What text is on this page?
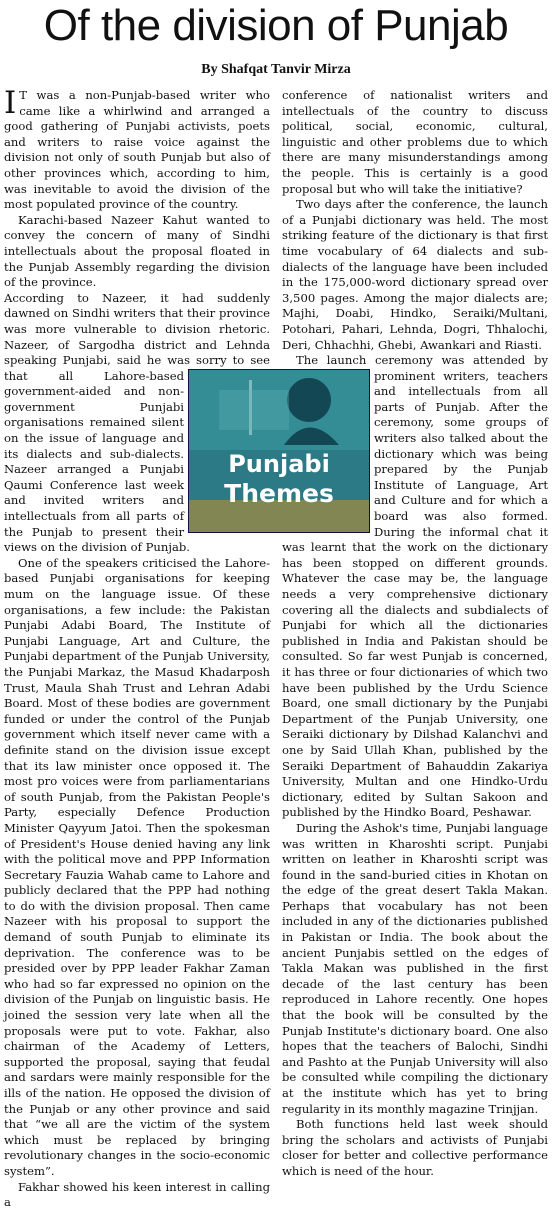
Of the division of Punjab
By Shafqat Tanvir Mirza

I T was a non-Punjab-based writer who came like a whirlwind and arranged a good gathering of Punjabi activists, poets and writers to raise voice against the division not only of south Punjab but also of other provinces which, according to him, was inevitable to avoid the division of the most populated province of the country.

Karachi-based Nazeer Kahut wanted to convey the concern of many of Sindhi intellectuals about the proposal floated in the Punjab Assembly regarding the division of the province.

According to Nazeer, it had suddenly dawned on Sindhi writers that their province was more vulnerable to division rhetoric. Nazeer, of Sargodha district and Lehnda speaking Punjabi, said he was sorry to see that all Lahore-based government-aided and non-government Punjabi organisations remained silent on the issue of language and its dialects and sub-dialects. Nazeer arranged a Punjabi Qaumi Conference last week and invited writers and intellectuals from all parts of the Punjab to present their views on the division of Punjab.

One of the speakers criticised the Lahore-based Punjabi organisations for keeping mum on the language issue. Of these organisations, a few include: the Pakistan Punjabi Adabi Board, The Institute of Punjabi Language, Art and Culture, the Punjabi department of the Punjab University, the Punjabi Markaz, the Masud Khadarposh Trust, Maula Shah Trust and Lehran Adabi Board. Most of these bodies are government funded or under the control of the Punjab government which itself never came with a definite stand on the division issue except that its law minister once opposed it. The most pro voices were from parliamentarians of south Punjab, from the Pakistan People's Party, especially Defence Production Minister Qayyum Jatoi. Then the spokesman of President's House denied having any link with the political move and PPP Information Secretary Fauzia Wahab came to Lahore and publicly declared that the PPP had nothing to do with the division proposal. Then came Nazeer with his proposal to support the demand of south Punjab to eliminate its deprivation. The conference was to be presided over by PPP leader Fakhar Zaman who had so far expressed no opinion on the division of the Punjab on linguistic basis. He joined the session very late when all the proposals were put to vote. Fakhar, also chairman of the Academy of Letters, supported the proposal, saying that feudal and sardars were mainly responsible for the ills of the nation. He opposed the division of the Punjab or any other province and said that “we all are the victim of the system which must be replaced by bringing revolutionary changes in the socio-economic system”.

Fakhar showed his keen interest in calling a

conference of nationalist writers and intellectuals of the country to discuss political, social, economic, cultural, linguistic and other problems due to which there are many misunderstandings among the people. This is certainly is a good proposal but who will take the initiative?

Two days after the conference, the launch of a Punjabi dictionary was held. The most striking feature of the dictionary is that first time vocabulary of 64 dialects and sub-dialects of the language have been included in the 175,000-word dictionary spread over 3,500 pages. Among the major dialects are; Majhi, Doabi, Hindko, Seraiki/Multani, Potohari, Pahari, Lehnda, Dogri, Thhalochi, Deri, Chhachhi, Ghebi, Awankari and Riasti.

The launch ceremony was attended by prominent writers, teachers and intellectuals from all parts of Punjab. After the ceremony, some groups of writers also talked about the dictionary which was being prepared by the Punjab Institute of Language, Art and Culture and for which a board was also formed. During the informal chat it was learnt that the work on the dictionary has been stopped on different grounds. Whatever the case may be, the language needs a very comprehensive dictionary covering all the dialects and subdialects of Punjabi for which all the dictionaries published in India and Pakistan should be consulted. So far west Punjab is concerned, it has three or four dictionaries of which two have been published by the Urdu Science Board, one small dictionary by the Punjabi Department of the Punjab University, one Seraiki dictionary by Dilshad Kalanchvi and one by Said Ullah Khan, published by the Seraiki Department of Bahauddin Zakariya University, Multan and one Hindko-Urdu dictionary, edited by Sultan Sakoon and published by the Hindko Board, Peshawar.

During the Ashok's time, Punjabi language was written in Kharoshti script. Punjabi written on leather in Kharoshti script was found in the sand-buried cities in Khotan on the edge of the great desert Takla Makan. Perhaps that vocabulary has not been included in any of the dictionaries published in Pakistan or India. The book about the ancient Punjabis settled on the edges of Takla Makan was published in the first decade of the last century has been reproduced in Lahore recently. One hopes that the book will be consulted by the Punjab Institute's dictionary board. One also hopes that the teachers of Balochi, Sindhi and Pashto at the Punjab University will also be consulted while compiling the dictionary at the institute which has yet to bring regularity in its monthly magazine Trinjjan.

Both functions held last week should bring the scholars and activists of Punjabi closer for better and collective performance which is need of the hour.

Punjabi
Themes
